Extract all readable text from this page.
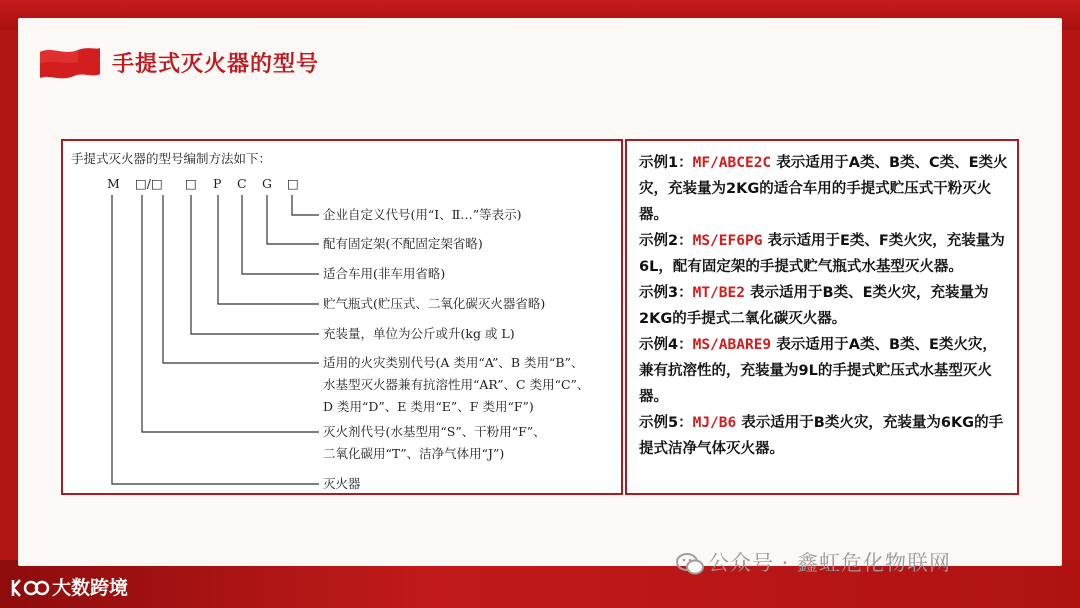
手提式灭火器的型号
手提式灭火器的型号编制方法如下：
M □/□ □ P C G □
企业自定义代号(用“Ⅰ、Ⅱ…”等表示)
配有固定架(不配固定架省略)
适合车用(非车用省略)
贮气瓶式(贮压式、二氧化碳灭火器省略)
充装量，单位为公斤或升(kg 或 L)
适用的火灾类别代号(A 类用“A”、B 类用“B”、
水基型灭火器兼有抗溶性用“AR”、C 类用“C”、
D 类用“D”、E 类用“E”、F 类用“F”)
灭火剂代号(水基型用“S”、干粉用“F”、
二氧化碳用“T”、洁净气体用“J”)
灭火器
示例1：MF/ABCE2C 表示适用于A类、B类、C类、E类火灾，充装量为2KG的适合车用的手提式贮压式干粉灭火器。
示例2：MS/EF6PG 表示适用于E类、F类火灾，充装量为6L，配有固定架的手提式贮气瓶式水基型灭火器。
示例3：MT/BE2 表示适用于B类、E类火灾，充装量为2KG的手提式二氧化碳灭火器。
示例4：MS/ABARE9 表示适用于A类、B类、E类火灾，兼有抗溶性的，充装量为9L的手提式贮压式水基型灭火器。
示例5：MJ/B6 表示适用于B类火灾，充装量为6KG的手提式洁净气体灭火器。
公众号 · 鑫虹危化物联网
大数跨境
